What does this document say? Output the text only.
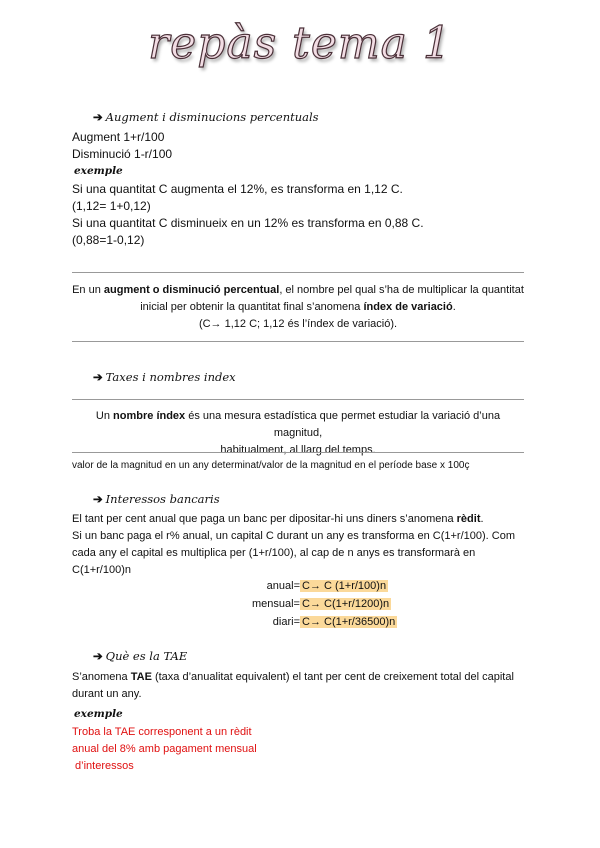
repàs tema 1
➔ Augment i disminucions percentuals
Augment 1+r/100
Disminució 1-r/100
exemple
Si una quantitat C augmenta el 12%, es transforma en 1,12 C.
(1,12= 1+0,12)
Si una quantitat C disminueix en un 12% es transforma en 0,88 C.
(0,88=1-0,12)
En un augment o disminució percentual, el nombre pel qual s’ha de multiplicar la quantitat
inicial per obtenir la quantitat final s’anomena índex de variació.
(C→ 1,12 C; 1,12 és l’índex de variació).
➔ Taxes i nombres index
Un nombre índex és una mesura estadística que permet estudiar la variació d’una magnitud,
habitualment, al llarg del temps.
valor de la magnitud en un any determinat/valor de la magnitud en el període base x 100ç
➔ Interessos bancaris
El tant per cent anual que paga un banc per dipositar-hi uns diners s’anomena rèdit.
Si un banc paga el r% anual, un capital C durant un any es transforma en C(1+r/100). Com
cada any el capital es multiplica per (1+r/100), al cap de n anys es transformarà en
C(1+r/100)n
anual= C→ C (1+r/100)n
mensual= C→ C(1+r/1200)n
diari= C→ C(1+r/36500)n
➔ Què es la TAE
S’anomena TAE (taxa d’anualitat equivalent) el tant per cent de creixement total del capital
durant un any.
exemple
Troba la TAE corresponent a un rèdit
anual del 8% amb pagament mensual
d’interessos
